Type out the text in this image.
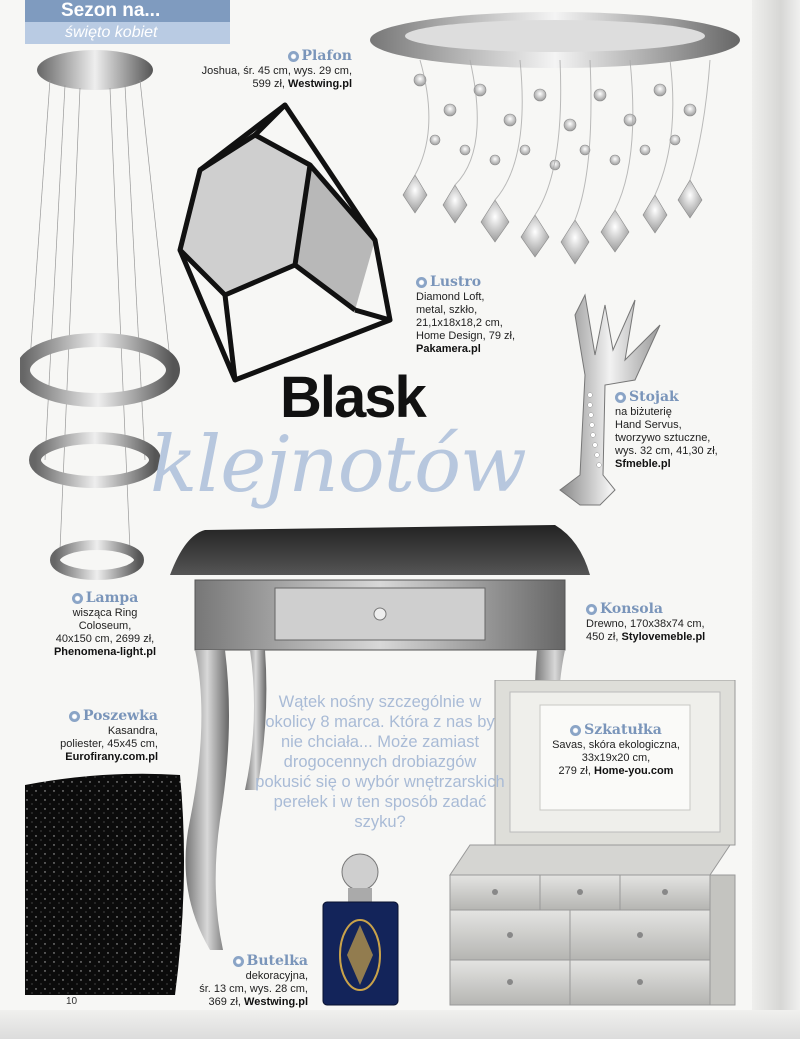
Sezon na...
święto kobiet
klejnotów
Blask
Plafon
Joshua, śr. 45 cm, wys. 29 cm,
599 zł, Westwing.pl
Lustro
Diamond Loft,
metal, szkło,
21,1x18x18,2 cm,
Home Design, 79 zł,
Pakamera.pl
Stojak
na biżuterię
Hand Servus,
tworzywo sztuczne,
wys. 32 cm, 41,30 zł,
Sfmeble.pl
Lampa
wisząca Ring
Coloseum,
40x150 cm, 2699 zł,
Phenomena-light.pl
Konsola
Drewno, 170x38x74 cm,
450 zł, Stylovemeble.pl
Poszewka
Kasandra,
poliester, 45x45 cm,
Eurofirany.com.pl
Szkatułka
Savas, skóra ekologiczna,
33x19x20 cm,
279 zł, Home-you.com
Butelka
dekoracyjna,
śr. 13 cm, wys. 28 cm,
369 zł, Westwing.pl
Wątek nośny szczególnie w okolicy 8 marca. Która z nas by nie chciała... Może zamiast drogocennych drobiazgów pokusić się o wybór wnętrzarskich perełek i w ten sposób zadać szyku?
10
